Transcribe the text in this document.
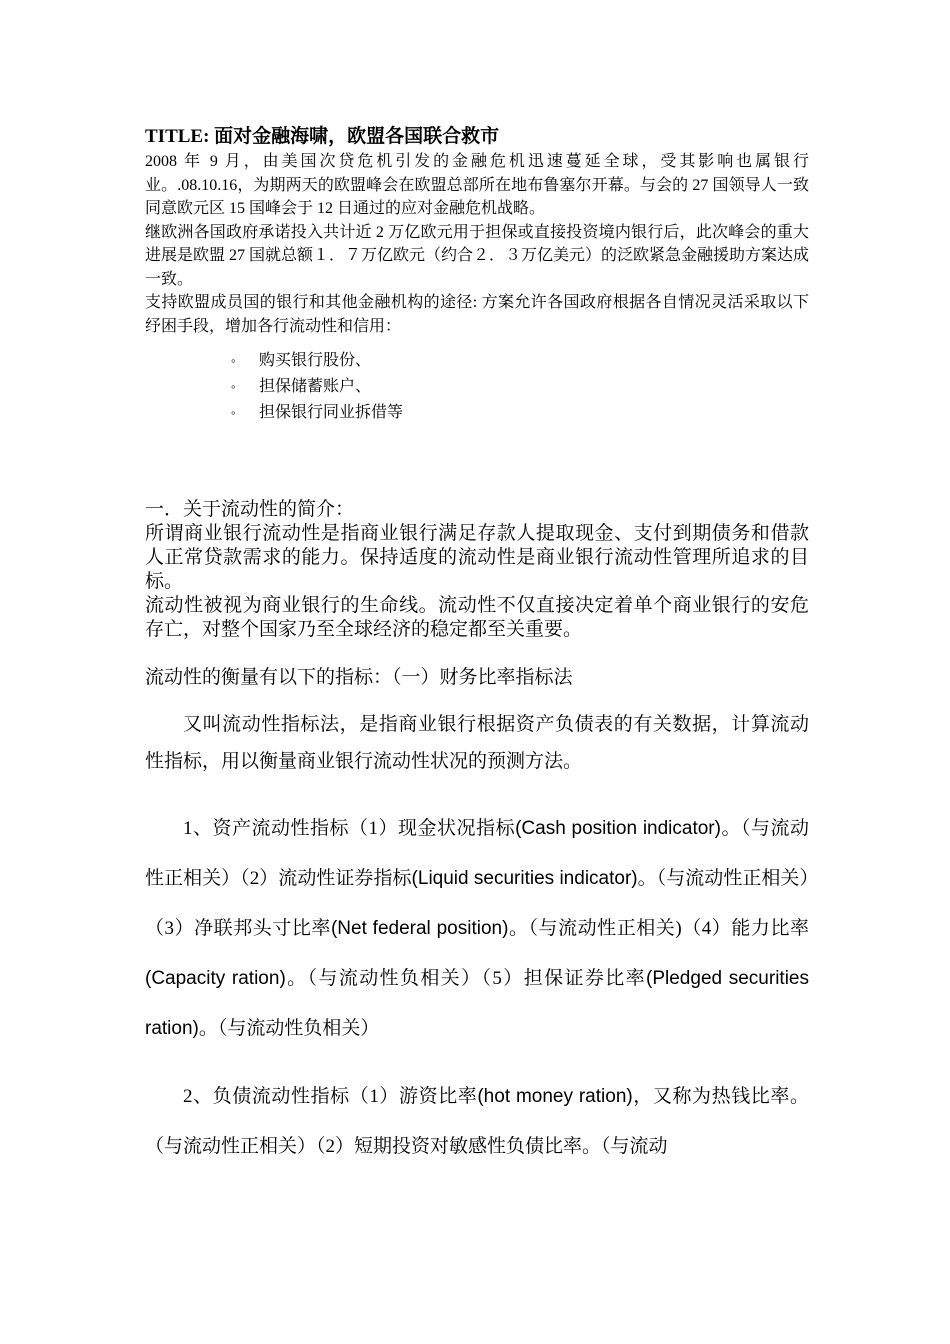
TITLE: 面对金融海啸，欧盟各国联合救市

2008 年 9 月，由美国次贷危机引发的金融危机迅速蔓延全球，受其影响也属银行业。.08.10.16，为期两天的欧盟峰会在欧盟总部所在地布鲁塞尔开幕。与会的 27 国领导人一致同意欧元区 15 国峰会于 12 日通过的应对金融危机战略。

继欧洲各国政府承诺投入共计近 2 万亿欧元用于担保或直接投资境内银行后，此次峰会的重大进展是欧盟 27 国就总额１．７万亿欧元（约合２．３万亿美元）的泛欧紧急金融援助方案达成一致。

支持欧盟成员国的银行和其他金融机构的途径: 方案允许各国政府根据各自情况灵活采取以下纾困手段，增加各行流动性和信用：

◦ 购买银行股份、
◦ 担保储蓄账户、
◦ 担保银行同业拆借等

一．关于流动性的简介：

所谓商业银行流动性是指商业银行满足存款人提取现金、支付到期债务和借款人正常贷款需求的能力。保持适度的流动性是商业银行流动性管理所追求的目标。

流动性被视为商业银行的生命线。流动性不仅直接决定着单个商业银行的安危存亡，对整个国家乃至全球经济的稳定都至关重要。

流动性的衡量有以下的指标：（一）财务比率指标法

又叫流动性指标法，是指商业银行根据资产负债表的有关数据，计算流动性指标，用以衡量商业银行流动性状况的预测方法。

1、资产流动性指标（1）现金状况指标(Cash position indicator)。（与流动性正相关）（2）流动性证券指标(Liquid securities indicator)。（与流动性正相关）（3）净联邦头寸比率(Net federal position)。（与流动性正相关)（4）能力比率(Capacity ration)。（与流动性负相关）（5）担保证券比率(Pledged securities ration)。（与流动性负相关）

2、负债流动性指标（1）游资比率(hot money ration)，又称为热钱比率。（与流动性正相关）（2）短期投资对敏感性负债比率。（与流动
